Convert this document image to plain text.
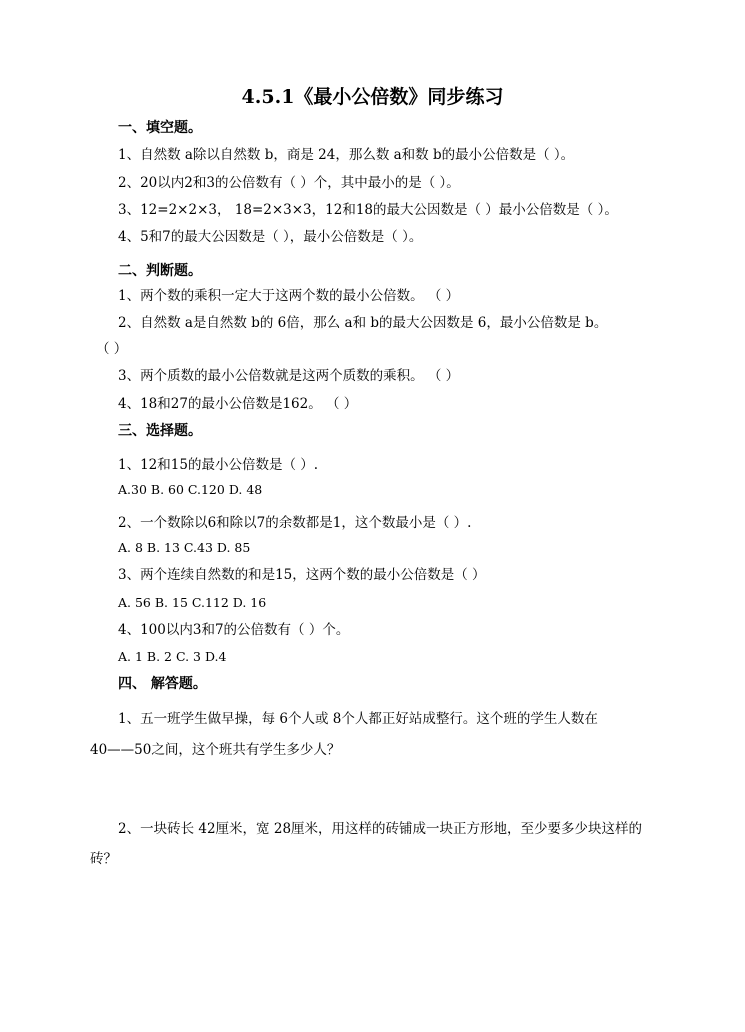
4.5.1《最小公倍数》同步练习
一、填空题。
1、自然数 a除以自然数 b，商是 24，那么数 a和数 b的最小公倍数是（ ）。
2、20以内2和3的公倍数有（ ）个，其中最小的是（ ）。
3、12=2×2×3， 18=2×3×3，12和18的最大公因数是（ ）最小公倍数是（ ）。
4、5和7的最大公因数是（ ），最小公倍数是（ ）。
二、判断题。
1、两个数的乘积一定大于这两个数的最小公倍数。 （ ）
2、自然数 a是自然数 b的 6倍，那么 a和 b的最大公因数是 6，最小公倍数是 b。
（ ）
3、两个质数的最小公倍数就是这两个质数的乘积。 （ ）
4、18和27的最小公倍数是162。 （ ）
三、选择题。
1、12和15的最小公倍数是（ ）.
A.30 B. 60 C.120 D. 48
2、一个数除以6和除以7的余数都是1，这个数最小是（ ）.
A. 8 B. 13 C.43 D. 85
3、两个连续自然数的和是15，这两个数的最小公倍数是（ ）
A. 56 B. 15 C.112 D. 16
4、100以内3和7的公倍数有（ ）个。
A. 1 B. 2 C. 3 D.4
四、 解答题。
1、五一班学生做早操，每 6个人或 8个人都正好站成整行。这个班的学生人数在
40——50之间，这个班共有学生多少人？
2、一块砖长 42厘米，宽 28厘米，用这样的砖铺成一块正方形地，至少要多少块这样的
砖？
